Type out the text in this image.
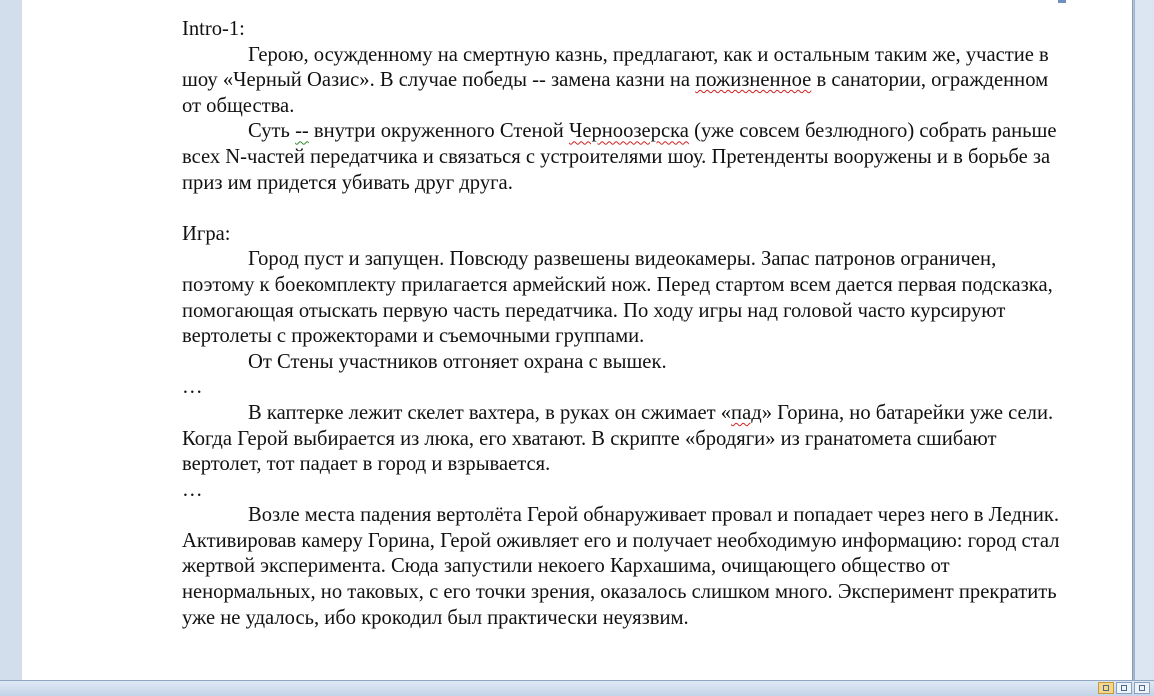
Intro-1:

Герою, осужденному на смертную казнь, предлагают, как и остальным таким же, участие в шоу «Черный Оазис». В случае победы -- замена казни на пожизненное в санатории, огражденном от общества.

Суть -- внутри окруженного Стеной Черноозерска (уже совсем безлюдного) собрать раньше всех N-частей передатчика и связаться с устроителями шоу. Претенденты вооружены и в борьбе за приз им придется убивать друг друга.

Игра:

Город пуст и запущен. Повсюду развешены видеокамеры. Запас патронов ограничен, поэтому к боекомплекту прилагается армейский нож. Перед стартом всем дается первая подсказка, помогающая отыскать первую часть передатчика. По ходу игры над головой часто курсируют вертолеты с прожекторами и съемочными группами.

От Стены участников отгоняет охрана с вышек.

…

В каптерке лежит скелет вахтера, в руках он сжимает «пад» Горина, но батарейки уже сели. Когда Герой выбирается из люка, его хватают. В скрипте «бродяги» из гранатомета сшибают вертолет, тот падает в город и взрывается.

…

Возле места падения вертолёта Герой обнаруживает провал и попадает через него в Ледник. Активировав камеру Горина, Герой оживляет его и получает необходимую информацию: город стал жертвой эксперимента. Сюда запустили некоего Кархашима, очищающего общество от ненормальных, но таковых, с его точки зрения, оказалось слишком много. Эксперимент прекратить уже не удалось, ибо крокодил был практически неуязвим.
